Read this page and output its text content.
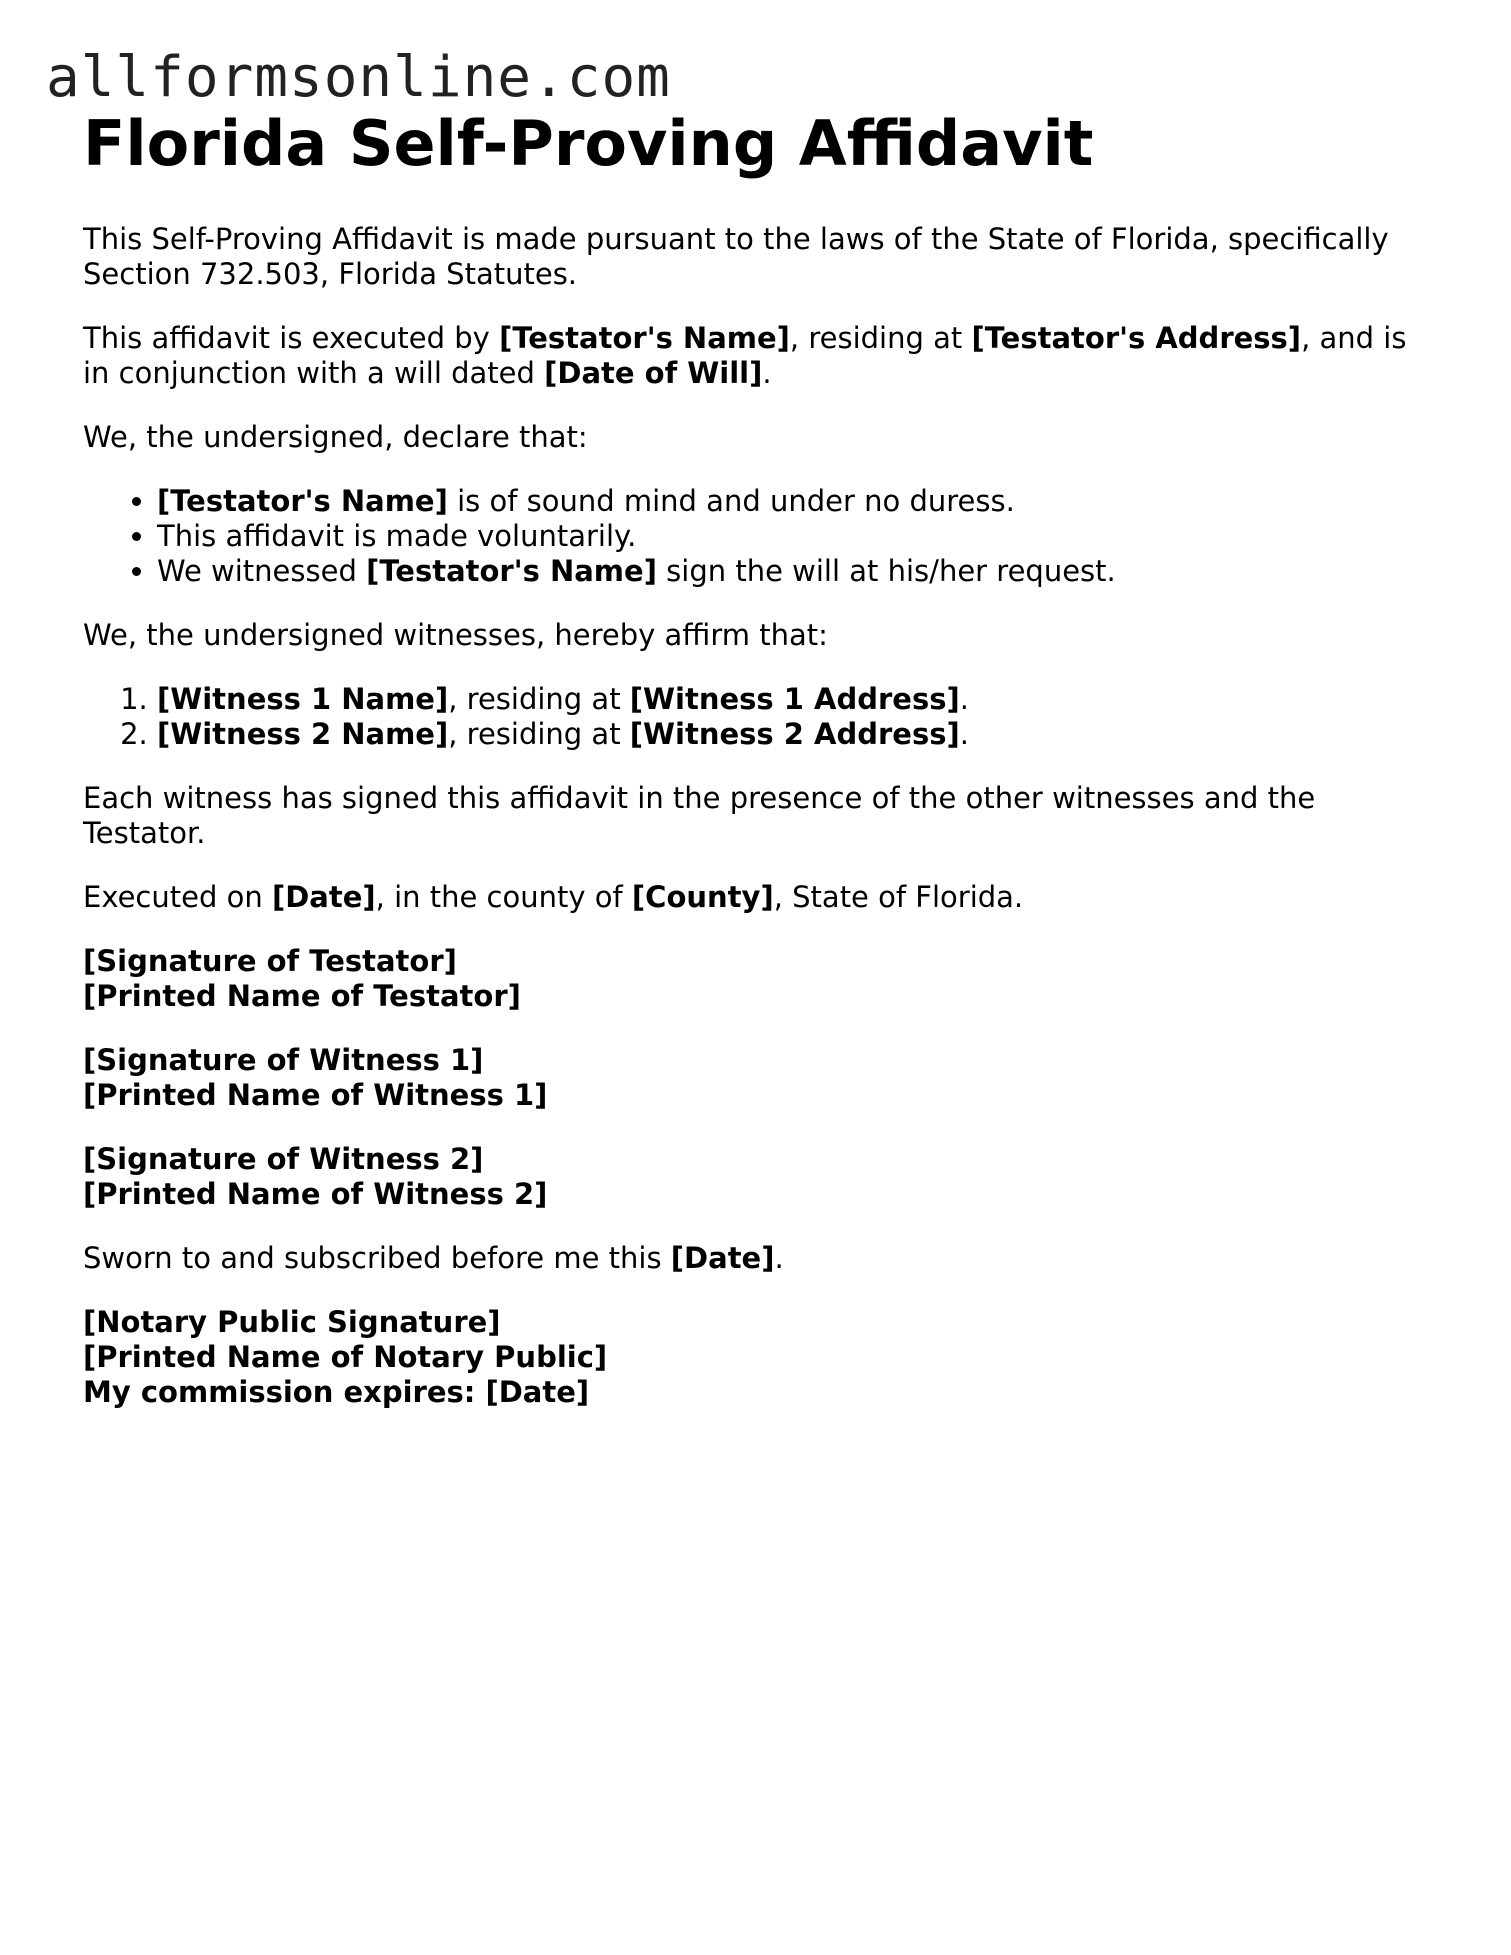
allformsonline.com
Florida Self-Proving Affidavit

This Self-Proving Affidavit is made pursuant to the laws of the State of Florida, specifically Section 732.503, Florida Statutes.

This affidavit is executed by [Testator's Name], residing at [Testator's Address], and is in conjunction with a will dated [Date of Will].

We, the undersigned, declare that:

• [Testator's Name] is of sound mind and under no duress.
• This affidavit is made voluntarily.
• We witnessed [Testator's Name] sign the will at his/her request.

We, the undersigned witnesses, hereby affirm that:

1. [Witness 1 Name], residing at [Witness 1 Address].
2. [Witness 2 Name], residing at [Witness 2 Address].

Each witness has signed this affidavit in the presence of the other witnesses and the Testator.

Executed on [Date], in the county of [County], State of Florida.

[Signature of Testator]
[Printed Name of Testator]
[Signature of Witness 1]
[Printed Name of Witness 1]
[Signature of Witness 2]
[Printed Name of Witness 2]

Sworn to and subscribed before me this [Date].

[Notary Public Signature]
[Printed Name of Notary Public]
My commission expires: [Date]
